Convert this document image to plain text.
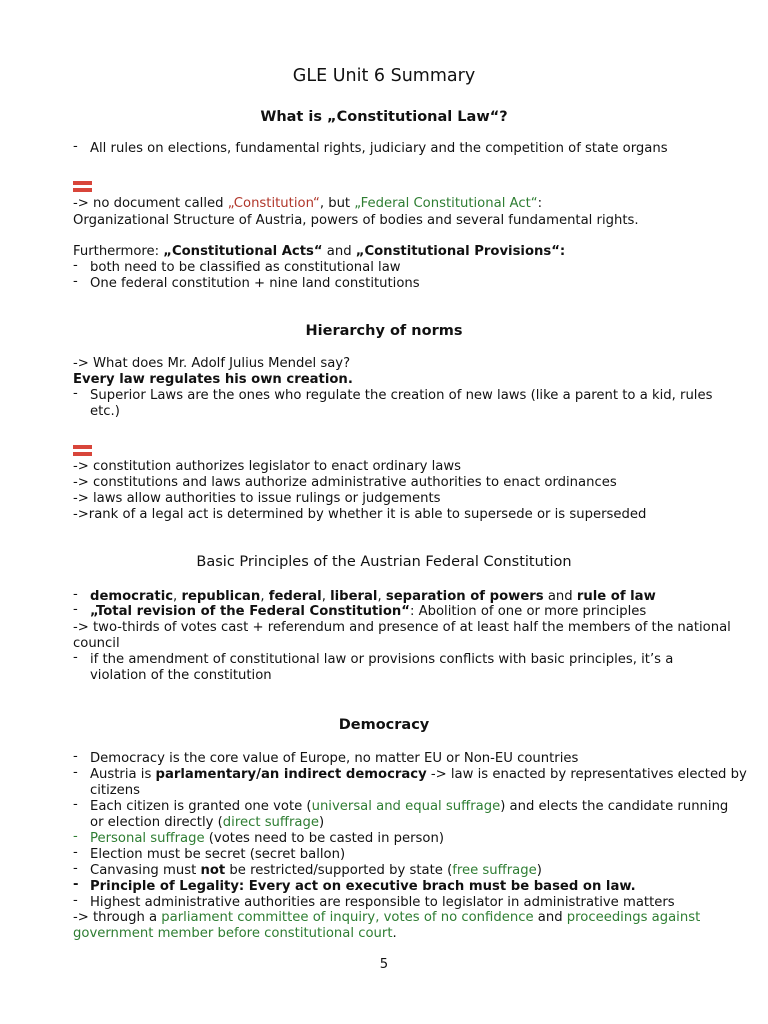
GLE Unit 6 Summary
What is „Constitutional Law“?
- All rules on elections, fundamental rights, judiciary and the competition of state organs
-> no document called „Constitution“, but „Federal Constitutional Act“:
Organizational Structure of Austria, powers of bodies and several fundamental rights.
Furthermore: „Constitutional Acts“ and „Constitutional Provisions“:
- both need to be classified as constitutional law
- One federal constitution + nine land constitutions
Hierarchy of norms
-> What does Mr. Adolf Julius Mendel say?
Every law regulates his own creation.
- Superior Laws are the ones who regulate the creation of new laws (like a parent to a kid, rules
etc.)
-> constitution authorizes legislator to enact ordinary laws
-> constitutions and laws authorize administrative authorities to enact ordinances
-> laws allow authorities to issue rulings or judgements
->rank of a legal act is determined by whether it is able to supersede or is superseded
Basic Principles of the Austrian Federal Constitution
- democratic, republican, federal, liberal, separation of powers and rule of law
- „Total revision of the Federal Constitution“: Abolition of one or more principles
-> two-thirds of votes cast + referendum and presence of at least half the members of the national
council
- if the amendment of constitutional law or provisions conflicts with basic principles, it’s a
violation of the constitution
Democracy
- Democracy is the core value of Europe, no matter EU or Non-EU countries
- Austria is parlamentary/an indirect democracy -> law is enacted by representatives elected by
citizens
- Each citizen is granted one vote (universal and equal suffrage) and elects the candidate running
or election directly (direct suffrage)
- Personal suffrage (votes need to be casted in person)
- Election must be secret (secret ballon)
- Canvasing must not be restricted/supported by state (free suffrage)
- Principle of Legality: Every act on executive brach must be based on law.
- Highest administrative authorities are responsible to legislator in administrative matters
-> through a parliament committee of inquiry, votes of no confidence and proceedings against
government member before constitutional court.
5
